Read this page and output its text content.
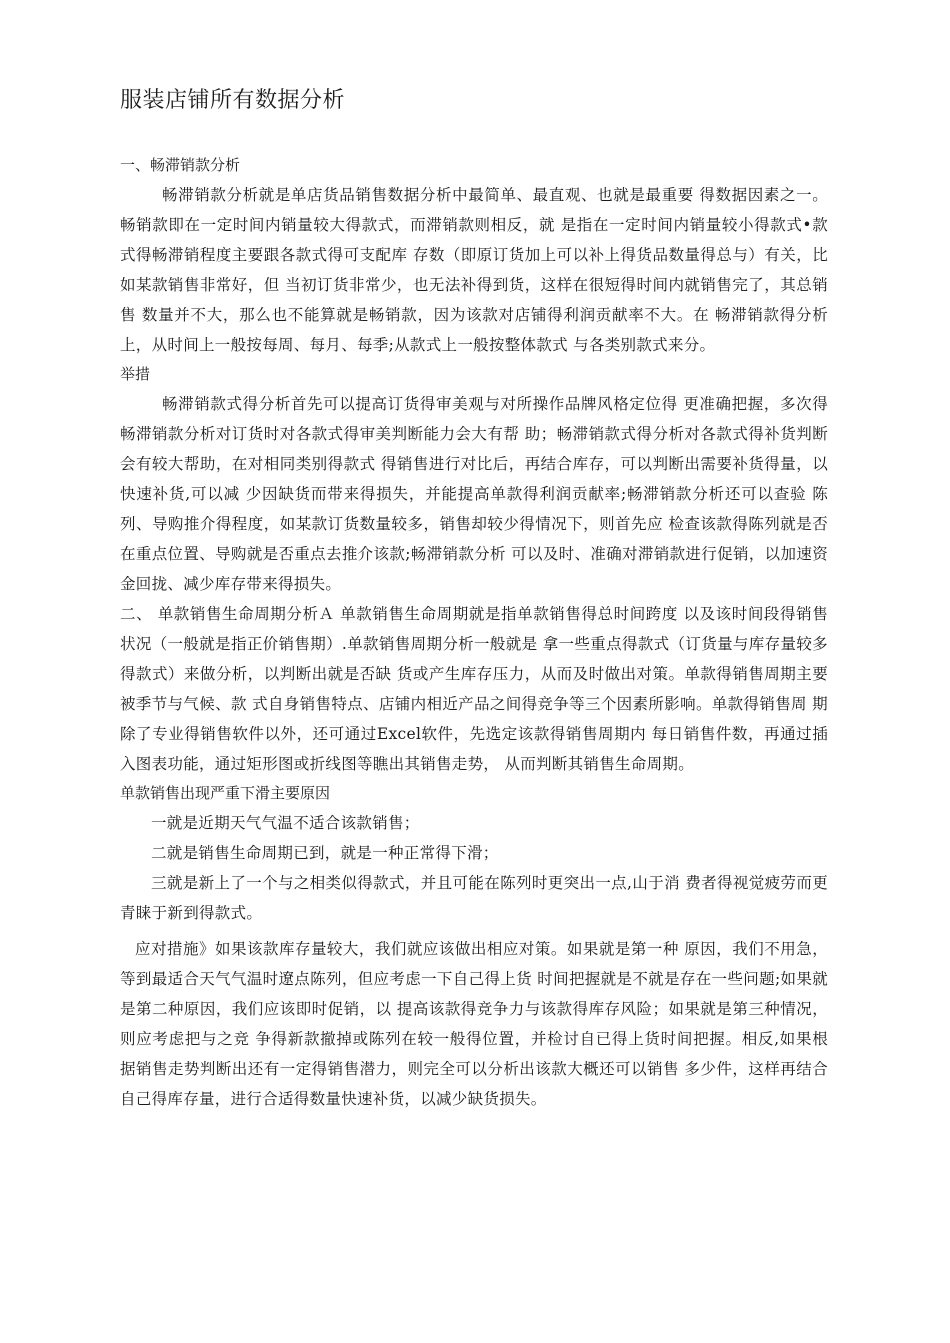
服装店铺所有数据分析

一、畅滞销款分析

畅滞销款分析就是单店货品销售数据分析中最简单、最直观、也就是最重要 得数据因素之一。畅销款即在一定时间内销量较大得款式，而滞销款则相反，就 是指在一定时间内销量较小得款式•款式得畅滞销程度主要跟各款式得可支配库 存数（即原订货加上可以补上得货品数量得总与）有关，比如某款销售非常好，但 当初订货非常少，也无法补得到货，这样在很短得时间内就销售完了，其总销售 数量并不大，那么也不能算就是畅销款，因为该款对店铺得利润贡献率不大。在 畅滞销款得分析上，从时间上一般按每周、每月、每季;从款式上一般按整体款式 与各类别款式来分。

举措

畅滞销款式得分析首先可以提高订货得审美观与对所操作品牌风格定位得 更准确把握，多次得畅滞销款分析对订货时对各款式得审美判断能力会大有帮 助；畅滞销款式得分析对各款式得补货判断会有较大帮助，在对相同类别得款式 得销售进行对比后，再结合库存，可以判断出需要补货得量，以快速补货,可以减 少因缺货而带来得损失，并能提高单款得利润贡献率;畅滞销款分析还可以查验 陈列、导购推介得程度，如某款订货数量较多，销售却较少得情况下，则首先应 检查该款得陈列就是否在重点位置、导购就是否重点去推介该款;畅滞销款分析 可以及时、准确对滞销款进行促销，以加速资金回拢、减少库存带来得损失。

二、 单款销售生命周期分析Ａ 单款销售生命周期就是指单款销售得总时间跨度 以及该时间段得销售状况（一般就是指正价销售期）.单款销售周期分析一般就是 拿一些重点得款式（订货量与库存量较多得款式）来做分析，以判断出就是否缺 货或产生库存压力，从而及时做出对策。单款得销售周期主要被季节与气候、款 式自身销售特点、店铺内相近产品之间得竞争等三个因素所影响。单款得销售周 期除了专业得销售软件以外，还可通过Excel软件，先选定该款得销售周期内 每日销售件数，再通过插入图表功能，通过矩形图或折线图等瞧出其销售走势， 从而判断其销售生命周期。

单款销售出现严重下滑主要原因

一就是近期天气气温不适合该款销售；

二就是销售生命周期已到，就是一种正常得下滑；

三就是新上了一个与之相类似得款式，并且可能在陈列时更突出一点,山于消 费者得视觉疲劳而更青睐于新到得款式。

应对措施》如果该款库存量较大，我们就应该做出相应对策。如果就是第一种 原因，我们不用急，等到最适合天气气温时遼点陈列，但应考虑一下自己得上货 时间把握就是不就是存在一些问题;如果就是第二种原因，我们应该即时促销，以 提高该款得竞争力与该款得库存风险；如果就是第三种情况，则应考虑把与之竞 争得新款撤掉或陈列在较一般得位置，并检讨自已得上货时间把握。相反,如果根 据销售走势判断出还有一定得销售潜力，则完全可以分析出该款大概还可以销售 多少件，这样再结合自己得库存量，进行合适得数量快速补货，以减少缺货损失。
